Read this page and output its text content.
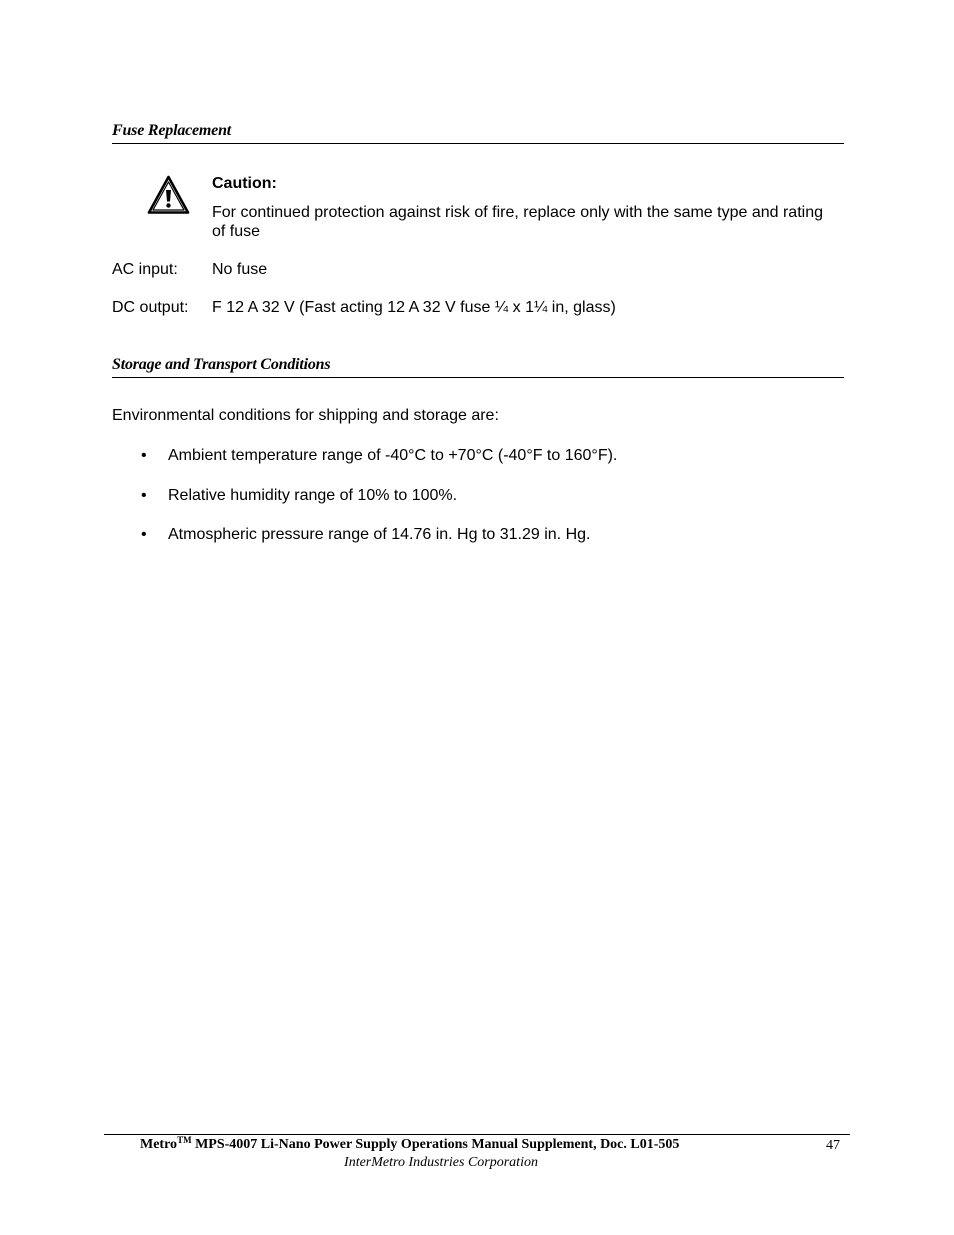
Fuse Replacement
Caution:
For continued protection against risk of fire, replace only with the same type and rating of fuse
AC input: No fuse
DC output: F 12 A 32 V (Fast acting 12 A 32 V fuse ¼ x 1¼ in, glass)
Storage and Transport Conditions
Environmental conditions for shipping and storage are:
• Ambient temperature range of -40°C to +70°C (-40°F to 160°F).
• Relative humidity range of 10% to 100%.
• Atmospheric pressure range of 14.76 in. Hg to 31.29 in. Hg.
Metro™ MPS-4007 Li-Nano Power Supply Operations Manual Supplement, Doc. L01-505	47
InterMetro Industries Corporation
